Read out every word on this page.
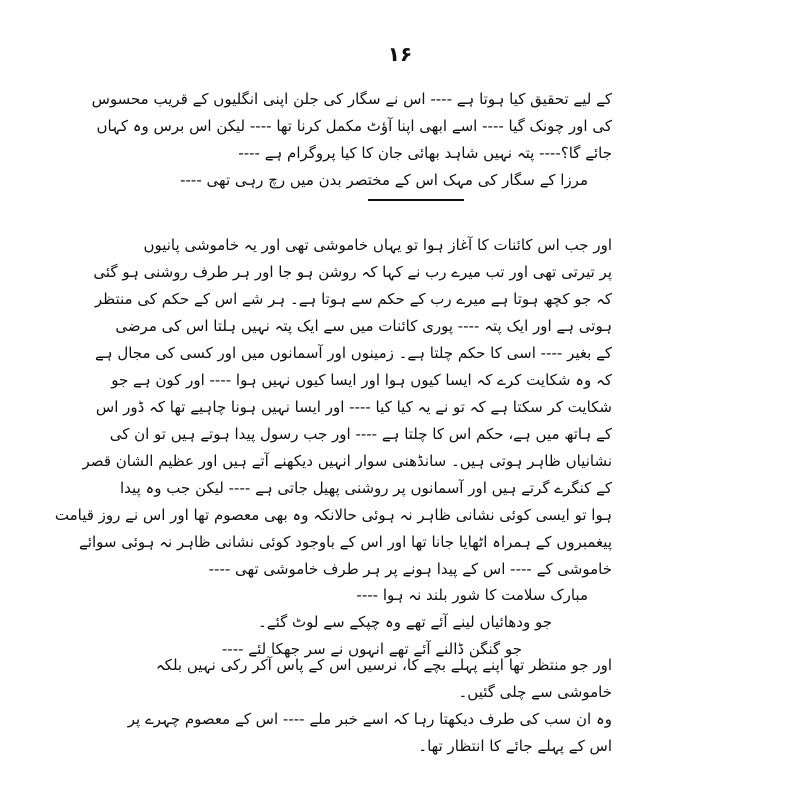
۱۶
کے لیے تحقیق کیا ہوتا ہے ---- اس نے سگار کی جلن اپنی انگلیوں کے قریب محسوس
کی اور چونک گیا ---- اسے ابھی اپنا آؤٹ مکمل کرنا تھا ---- لیکن اس برس وہ کہاں
جائے گا؟---- پتہ نہیں شاہد بھائی جان کا کیا پروگرام ہے ----
مرزا کے سگار کی مہک اس کے مختصر بدن میں رچ رہی تھی ----
اور جب اس کائنات کا آغاز ہوا تو یہاں خاموشی تھی اور یہ خاموشی پانیوں
پر تیرتی تھی اور تب میرے رب نے کہا کہ روشن ہو جا اور ہر طرف روشنی ہو گئی
کہ جو کچھ ہوتا ہے میرے رب کے حکم سے ہوتا ہے۔ ہر شے اس کے حکم کی منتظر
ہوتی ہے اور ایک پتہ ---- پوری کائنات میں سے ایک پتہ نہیں ہلتا اس کی مرضی
کے بغیر ---- اسی کا حکم چلتا ہے۔ زمینوں اور آسمانوں میں اور کسی کی مجال ہے
کہ وہ شکایت کرے کہ ایسا کیوں ہوا اور ایسا کیوں نہیں ہوا ---- اور کون ہے جو
شکایت کر سکتا ہے کہ تو نے یہ کیا کیا ---- اور ایسا نہیں ہونا چاہیے تھا کہ ڈور اس
کے ہاتھ میں ہے، حکم اس کا چلتا ہے ---- اور جب رسول پیدا ہوتے ہیں تو ان کی
نشانیاں ظاہر ہوتی ہیں۔ سانڈھنی سوار انہیں دیکھنے آتے ہیں اور عظیم الشان قصر
کے کنگرے گرتے ہیں اور آسمانوں پر روشنی پھیل جاتی ہے ---- لیکن جب وہ پیدا
ہوا تو ایسی کوئی نشانی ظاہر نہ ہوئی حالانکہ وہ بھی معصوم تھا اور اس نے روز قیامت
پیغمبروں کے ہمراہ اٹھایا جانا تھا اور اس کے باوجود کوئی نشانی ظاہر نہ ہوئی سوائے
خاموشی کے ---- اس کے پیدا ہونے پر ہر طرف خاموشی تھی ----
مبارک سلامت کا شور بلند نہ ہوا ----
جو ودھائیاں لینے آئے تھے وہ چپکے سے لوٹ گئے۔
جو گنگن ڈالنے آئے تھے انہوں نے سر جھکا لئے ----
اور جو منتظر تھا اپنے پہلے بچے کا، نرسیں اس کے پاس آکر رکی نہیں بلکہ
خاموشی سے چلی گئیں۔
وہ ان سب کی طرف دیکھتا رہا کہ اسے خبر ملے ---- اس کے معصوم چہرے پر
اس کے پہلے جائے کا انتظار تھا۔
